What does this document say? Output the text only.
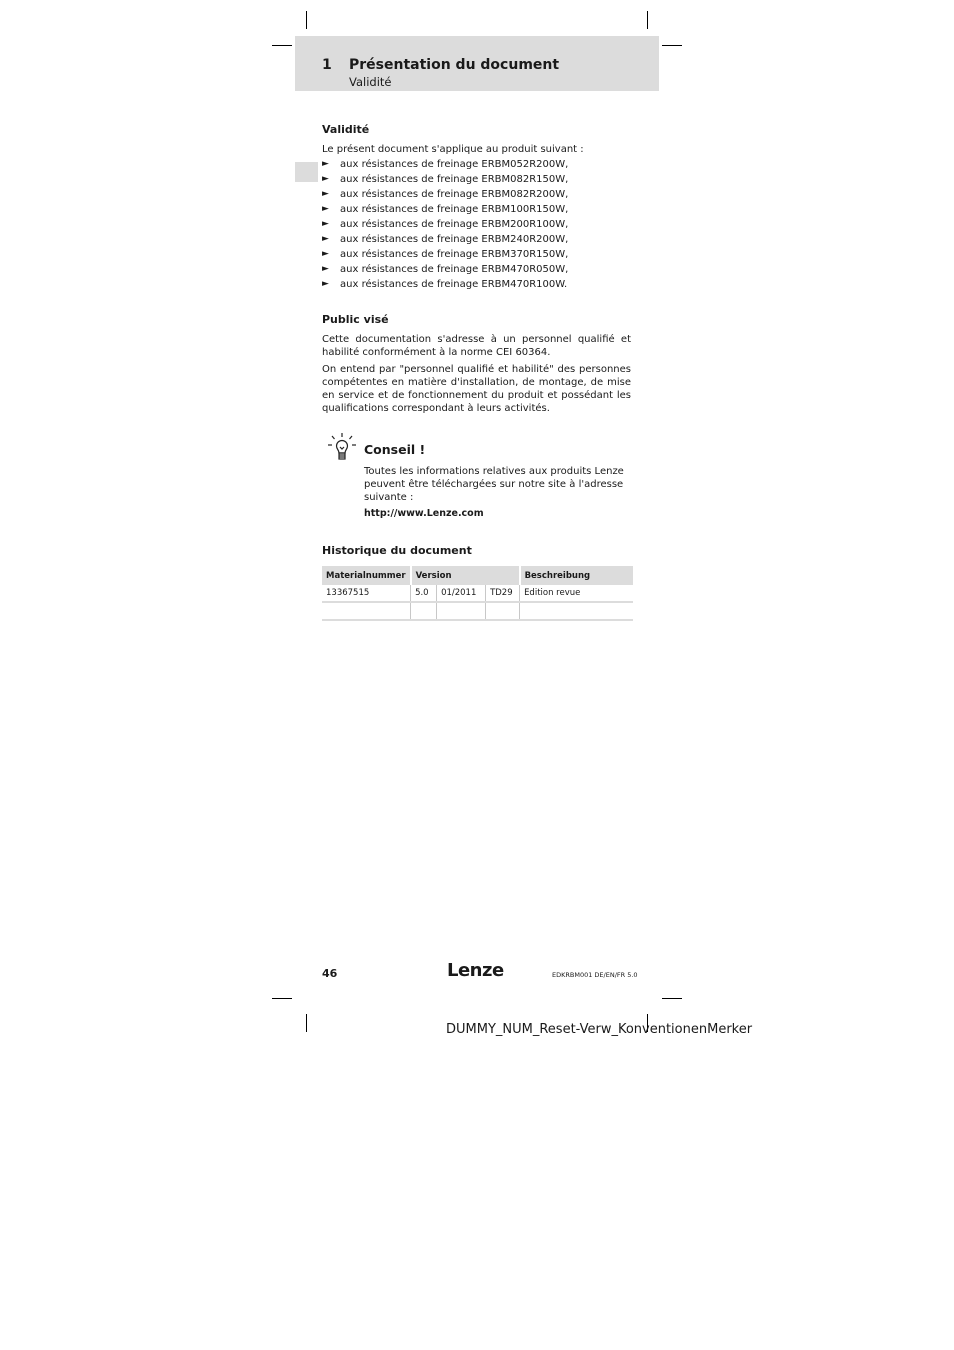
1 Présentation du document
Validité
Validité
Le présent document s'applique au produit suivant :
►	aux résistances de freinage ERBM052R200W,
►	aux résistances de freinage ERBM082R150W,
►	aux résistances de freinage ERBM082R200W,
►	aux résistances de freinage ERBM100R150W,
►	aux résistances de freinage ERBM200R100W,
►	aux résistances de freinage ERBM240R200W,
►	aux résistances de freinage ERBM370R150W,
►	aux résistances de freinage ERBM470R050W,
►	aux résistances de freinage ERBM470R100W.
Public visé
Cette documentation s'adresse à un personnel qualifié et habilité conformément à la norme CEI 60364.
On entend par "personnel qualifié et habilité" des personnes compétentes en matière d'installation, de montage, de mise en service et de fonctionnement du produit et possédant les qualifications correspondant à leurs activités.
Conseil !
Toutes les informations relatives aux produits Lenze peuvent être téléchargées sur notre site à l'adresse suivante :
http://www.Lenze.com
Historique du document
Materialnummer	Version			Beschreibung
13367515	5.0	01/2011	TD29	Edition revue

46	Lenze	EDKRBM001 DE/EN/FR 5.0
DUMMY_NUM_Reset-Verw_KonventionenMerker
